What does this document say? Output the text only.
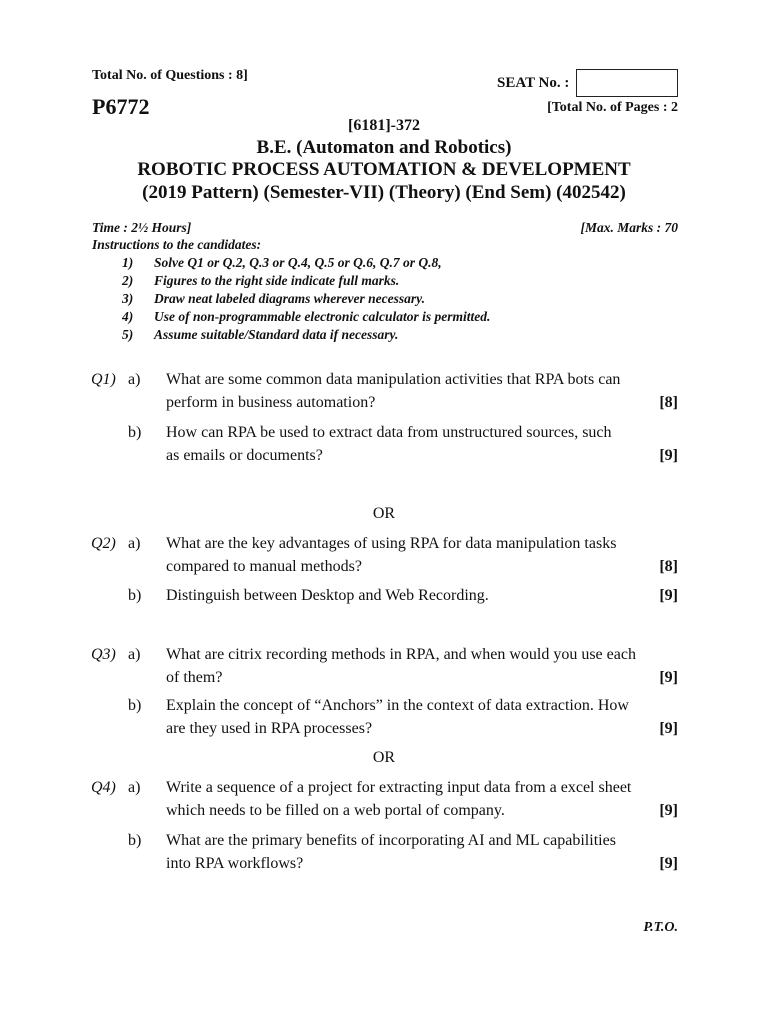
Total No. of Questions : 8]	SEAT No. :
P6772	[Total No. of Pages : 2
[6181]-372
B.E. (Automaton and Robotics)
ROBOTIC PROCESS AUTOMATION & DEVELOPMENT
(2019 Pattern) (Semester-VII) (Theory) (End Sem) (402542)
Time : 2½ Hours]	[Max. Marks : 70
Instructions to the candidates:
1) Solve Q1 or Q.2, Q.3 or Q.4, Q.5 or Q.6, Q.7 or Q.8,
2) Figures to the right side indicate full marks.
3) Draw neat labeled diagrams wherever necessary.
4) Use of non-programmable electronic calculator is permitted.
5) Assume suitable/Standard data if necessary.
Q1) a) What are some common data manipulation activities that RPA bots can
perform in business automation?	[8]
b) How can RPA be used to extract data from unstructured sources, such
as emails or documents?	[9]
OR
Q2) a) What are the key advantages of using RPA for data manipulation tasks
compared to manual methods?	[8]
b) Distinguish between Desktop and Web Recording.	[9]
Q3) a) What are citrix recording methods in RPA, and when would you use each
of them?	[9]
b) Explain the concept of “Anchors” in the context of data extraction. How
are they used in RPA processes?	[9]
OR
Q4) a) Write a sequence of a project for extracting input data from a excel sheet
which needs to be filled on a web portal of company.	[9]
b) What are the primary benefits of incorporating AI and ML capabilities
into RPA workflows?	[9]
P.T.O.
